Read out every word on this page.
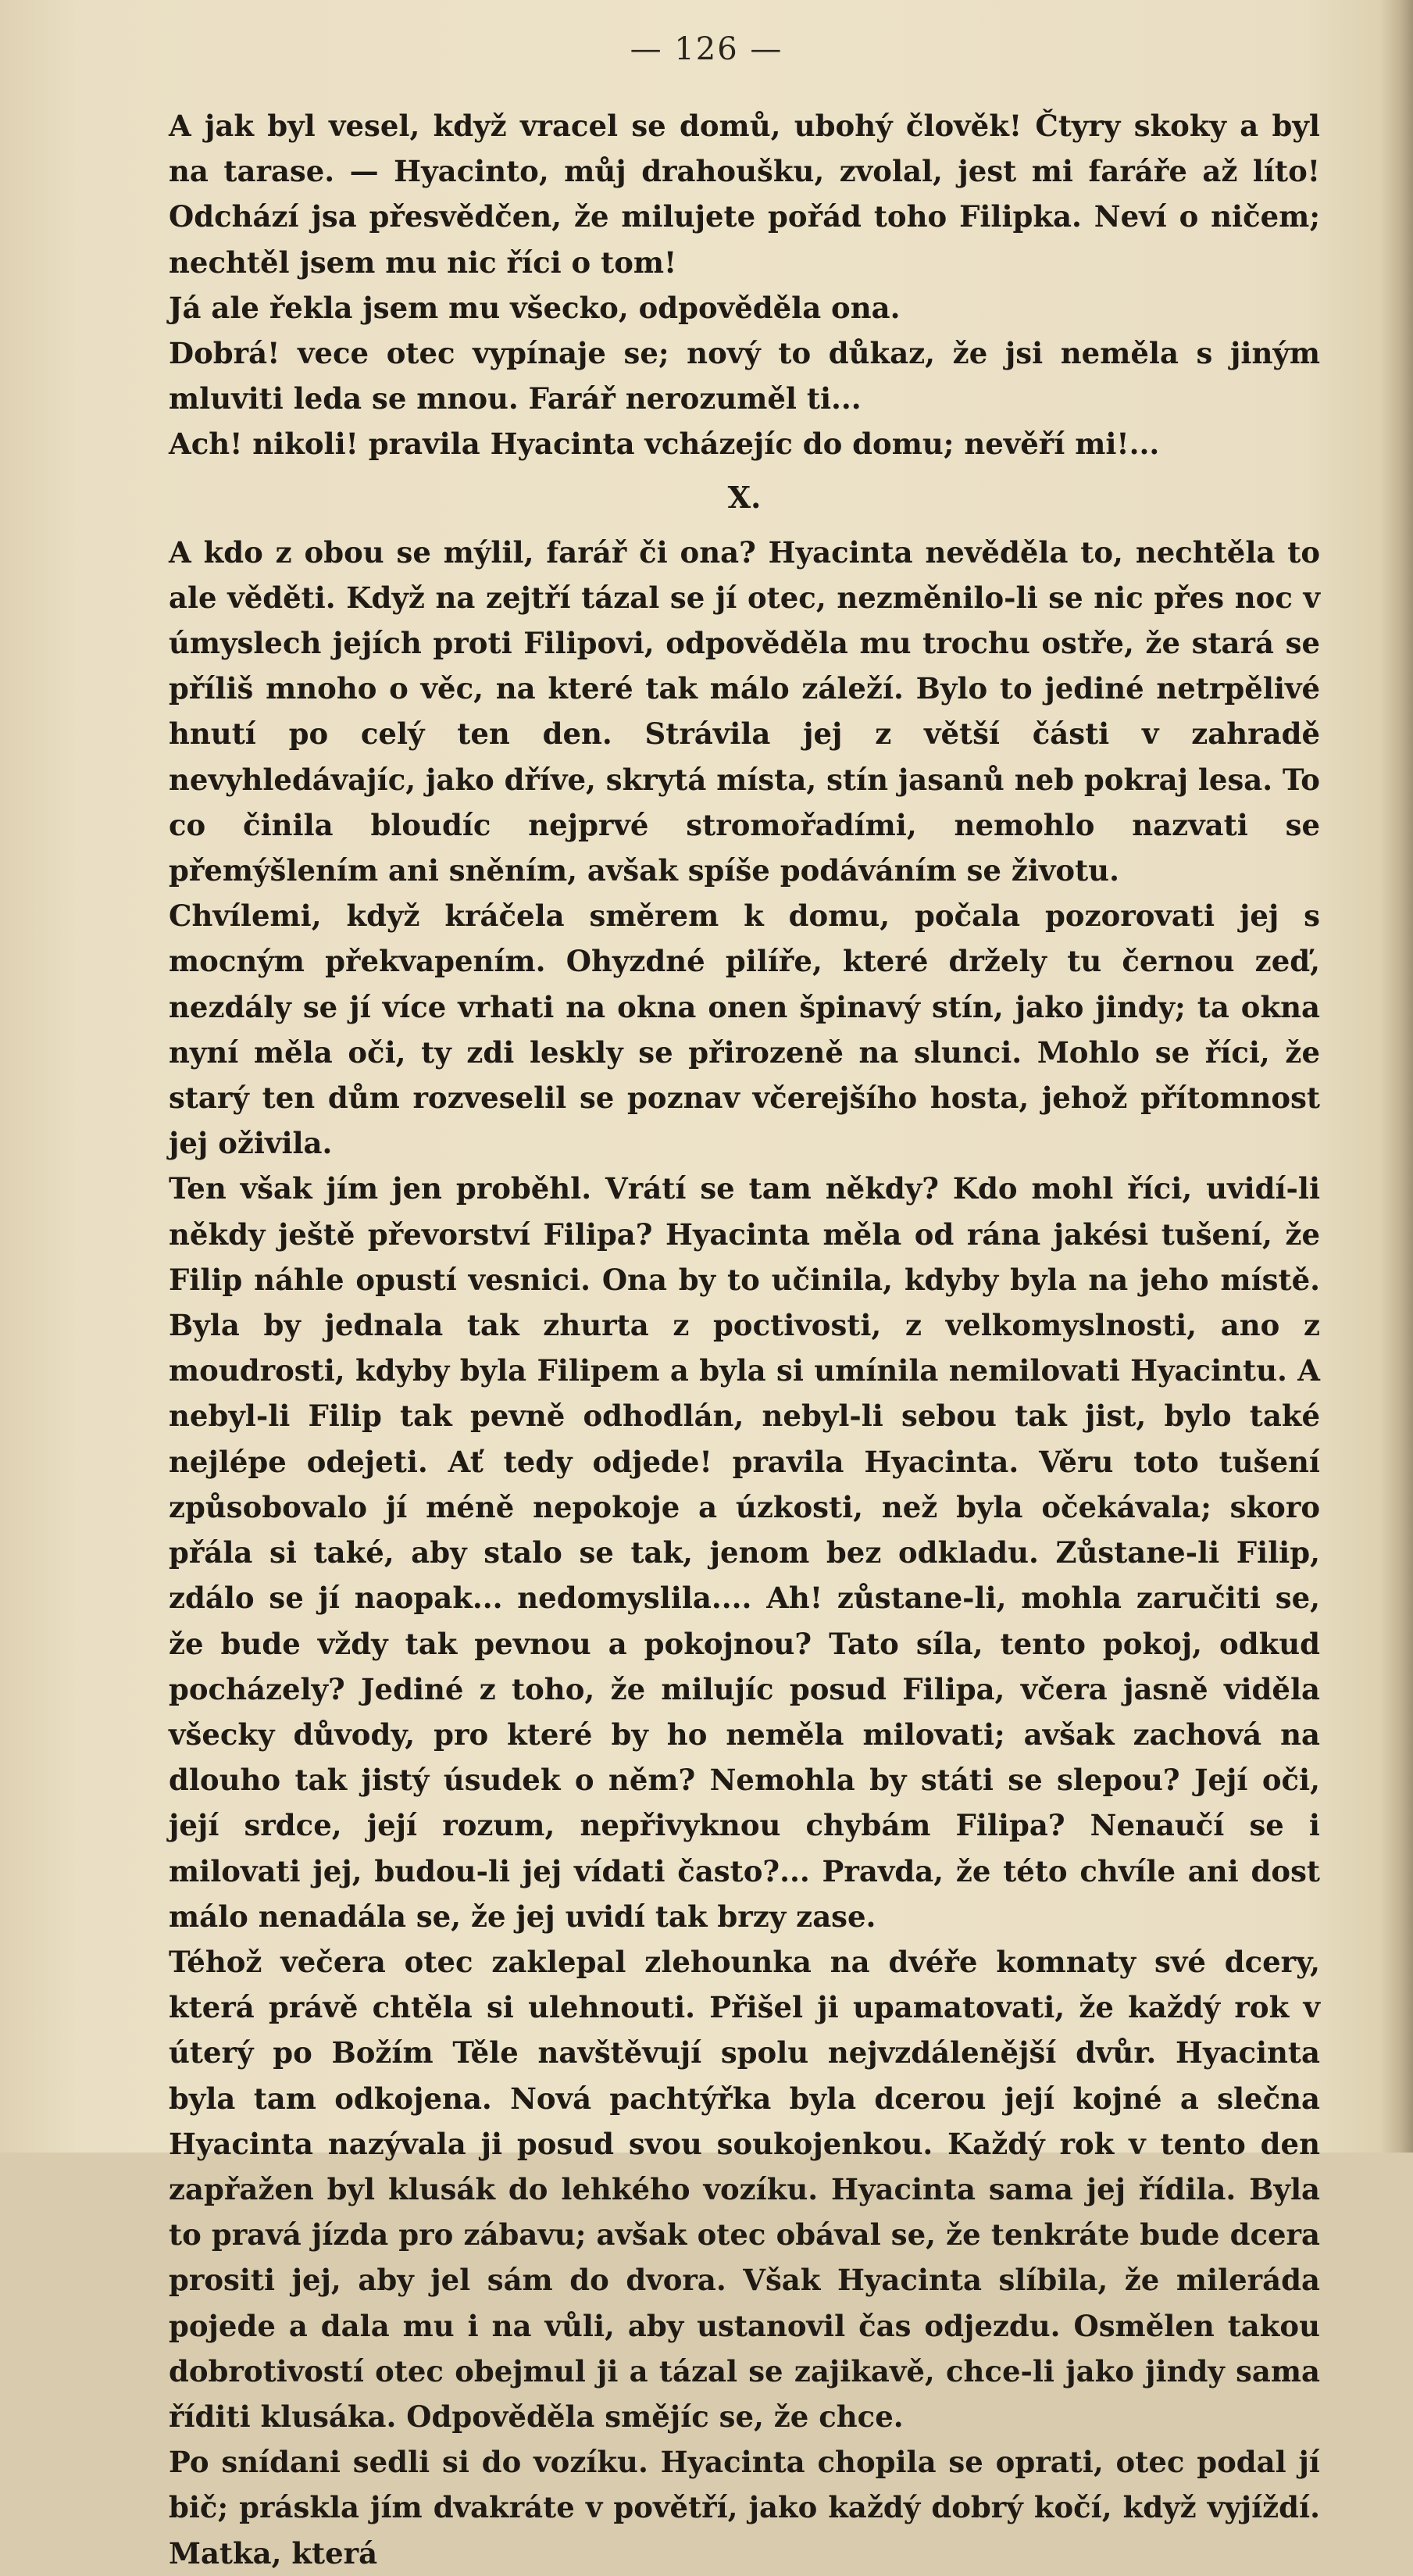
— 126 —

A jak byl vesel, když vracel se domů, ubohý člověk! Čtyry skoky a byl na tarase. — Hyacinto, můj drahoušku, zvolal, jest mi faráře až líto! Odchází jsa přesvědčen, že milujete pořád toho Filipka. Neví o ničem; nechtěl jsem mu nic říci o tom!

Já ale řekla jsem mu všecko, odpověděla ona.

Dobrá! vece otec vypínaje se; nový to důkaz, že jsi neměla s jiným mluviti leda se mnou. Farář nerozuměl ti...

Ach! nikoli! pravila Hyacinta vcházejíc do domu; nevěří mi!...

X.

A kdo z obou se mýlil, farář či ona? Hyacinta nevěděla to, nechtěla to ale věděti. Když na zejtří tázal se jí otec, nezměnilo-li se nic přes noc v úmyslech jejích proti Filipovi, odpověděla mu trochu ostře, že stará se příliš mnoho o věc, na které tak málo záleží. Bylo to jediné netrpělivé hnutí po celý ten den. Strávila jej z větší části v zahradě nevyhledávajíc, jako dříve, skrytá místa, stín jasanů neb pokraj lesa. To co činila bloudíc nejprvé stromořadími, nemohlo nazvati se přemýšlením ani sněním, avšak spíše podáváním se životu.

Chvílemi, když kráčela směrem k domu, počala pozorovati jej s mocným překvapením. Ohyzdné pilíře, které držely tu černou zeď, nezdály se jí více vrhati na okna onen špinavý stín, jako jindy; ta okna nyní měla oči, ty zdi leskly se přirozeně na slunci. Mohlo se říci, že starý ten dům rozveselil se poznav včerejšího hosta, jehož přítomnost jej oživila.

Ten však jím jen proběhl. Vrátí se tam někdy? Kdo mohl říci, uvidí-li někdy ještě převorství Filipa? Hyacinta měla od rána jakési tušení, že Filip náhle opustí vesnici. Ona by to učinila, kdyby byla na jeho místě. Byla by jednala tak zhurta z poctivosti, z velkomyslnosti, ano z moudrosti, kdyby byla Filipem a byla si umínila nemilovati Hyacintu. A nebyl-li Filip tak pevně odhodlán, nebyl-li sebou tak jist, bylo také nejlépe odejeti. Ať tedy odjede! pravila Hyacinta. Věru toto tušení způsobovalo jí méně nepokoje a úzkosti, než byla očekávala; skoro přála si také, aby stalo se tak, jenom bez odkladu. Zůstane-li Filip, zdálo se jí naopak... nedomyslila.... Ah! zůstane-li, mohla zaručiti se, že bude vždy tak pevnou a pokojnou? Tato síla, tento pokoj, odkud pocházely? Jediné z toho, že milujíc posud Filipa, včera jasně viděla všecky důvody, pro které by ho neměla milovati; avšak zachová na dlouho tak jistý úsudek o něm? Nemohla by státi se slepou? Její oči, její srdce, její rozum, nepřivyknou chybám Filipa? Nenaučí se i milovati jej, budou-li jej vídati často?... Pravda, že této chvíle ani dost málo nenadála se, že jej uvidí tak brzy zase.

Téhož večera otec zaklepal zlehounka na dvéře komnaty své dcery, která právě chtěla si ulehnouti. Přišel ji upamatovati, že každý rok v úterý po Božím Těle navštěvují spolu nejvzdálenější dvůr. Hyacinta byla tam odkojena. Nová pachtýřka byla dcerou její kojné a slečna Hyacinta nazývala ji posud svou soukojenkou. Každý rok v tento den zapřažen byl klusák do lehkého vozíku. Hyacinta sama jej řídila. Byla to pravá jízda pro zábavu; avšak otec obával se, že tenkráte bude dcera prositi jej, aby jel sám do dvora. Však Hyacinta slíbila, že mileráda pojede a dala mu i na vůli, aby ustanovil čas odjezdu. Osmělen takou dobrotivostí otec obejmul ji a tázal se zajikavě, chce-li jako jindy sama říditi klusáka. Odpověděla smějíc se, že chce.

Po snídani sedli si do vozíku. Hyacinta chopila se oprati, otec podal jí bič; práskla jím dvakráte v povětří, jako každý dobrý kočí, když vyjíždí. Matka, která
